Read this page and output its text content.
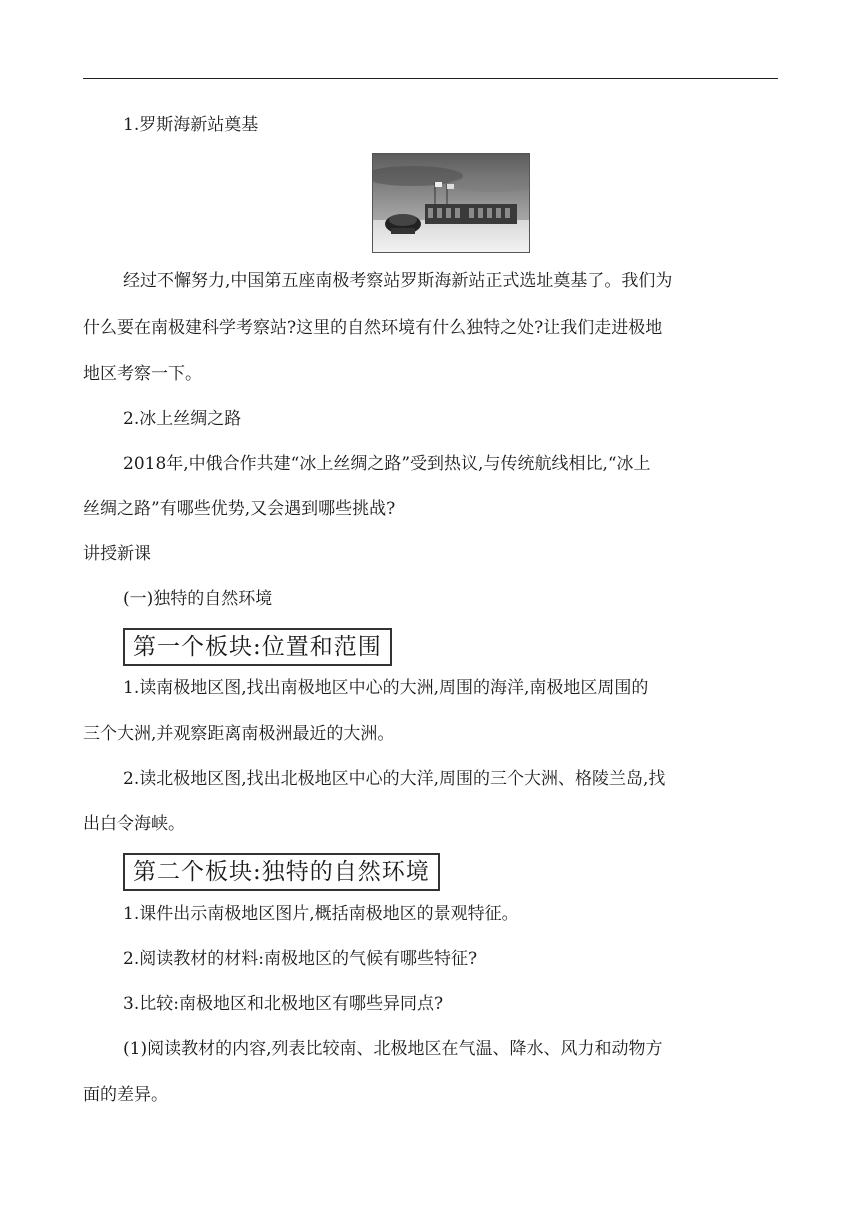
1.罗斯海新站奠基
经过不懈努力,中国第五座南极考察站罗斯海新站正式选址奠基了。我们为
什么要在南极建科学考察站?这里的自然环境有什么独特之处?让我们走进极地
地区考察一下。
2.冰上丝绸之路
2018年,中俄合作共建“冰上丝绸之路”受到热议,与传统航线相比,“冰上
丝绸之路”有哪些优势,又会遇到哪些挑战?
讲授新课
(一)独特的自然环境
第一个板块:位置和范围
1.读南极地区图,找出南极地区中心的大洲,周围的海洋,南极地区周围的
三个大洲,并观察距离南极洲最近的大洲。
2.读北极地区图,找出北极地区中心的大洋,周围的三个大洲、格陵兰岛,找
出白令海峡。
第二个板块:独特的自然环境
1.课件出示南极地区图片,概括南极地区的景观特征。
2.阅读教材的材料:南极地区的气候有哪些特征?
3.比较:南极地区和北极地区有哪些异同点?
(1)阅读教材的内容,列表比较南、北极地区在气温、降水、风力和动物方
面的差异。
